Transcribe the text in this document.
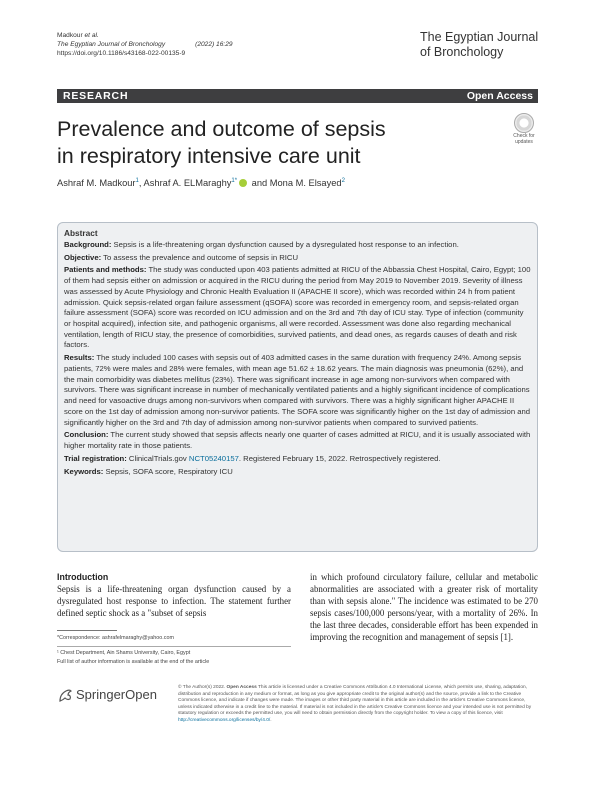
Madkour et al.
The Egyptian Journal of Bronchology	(2022) 16:29
https://doi.org/10.1186/s43168-022-00135-9
The Egyptian Journal
of Bronchology
RESEARCH	Open Access
Prevalence and outcome of sepsis
in respiratory intensive care unit
Check for
updates
Ashraf M. Madkour$^1$, Ashraf A. ELMaraghy$^{1*}$ and Mona M. Elsayed$^2$
Abstract

Background: Sepsis is a life-threatening organ dysfunction caused by a dysregulated host response to an infection.

Objective: To assess the prevalence and outcome of sepsis in RICU

Patients and methods: The study was conducted upon 403 patients admitted at RICU of the Abbassia Chest Hospital, Cairo, Egypt; 100 of them had sepsis either on admission or acquired in the RICU during the period from May 2019 to November 2019. Severity of illness was assessed by Acute Physiology and Chronic Health Evaluation II (APACHE II score), which was recorded within 24 h from patient admission. Quick sepsis-related organ failure assessment (qSOFA) score was recorded in emergency room, and sepsis-related organ failure assessment (SOFA) score was recorded on ICU admission and on the 3rd and 7th day of ICU stay. Type of infection (community or hospital acquired), infection site, and pathogenic organisms, all were recorded. Assessment was done also regarding mechanical ventilation, length of RICU stay, the presence of comorbidities, survived patients, and dead ones, as regards causes of death and risk factors.

Results: The study included 100 cases with sepsis out of 403 admitted cases in the same duration with frequency 24%. Among sepsis patients, 72% were males and 28% were females, with mean age 51.62 ± 18.62 years. The main diagnosis was pneumonia (62%), and the main comorbidity was diabetes mellitus (23%). There was significant increase in age among non-survivors when compared with survivors. There was significant increase in number of mechanically ventilated patients and a highly significant incidence of complications and need for vasoactive drugs among non-survivors when compared with survivors. There was a highly significant higher APACHE II score on the 1st day of admission among non-survivor patients. The SOFA score was significantly higher on the 1st day of admission and significantly higher on the 3rd and 7th day of admission among non-survivor patients when compared to survived patients.

Conclusion: The current study showed that sepsis affects nearly one quarter of cases admitted at RICU, and it is usually associated with higher mortality rate in those patients.

Trial registration: ClinicalTrials.gov NCT05240157. Registered February 15, 2022. Retrospectively registered.

Keywords: Sepsis, SOFA score, Respiratory ICU

Introduction
Sepsis is a life-threatening organ dysfunction caused by a dysregulated host response to infection. The statement further defined septic shock as a "subset of sepsis
in which profound circulatory failure, cellular and metabolic abnormalities are associated with a greater risk of mortality than with sepsis alone." The incidence was estimated to be 270 sepsis cases/100,000 persons/year, with a mortality of 26%. In the last three decades, considerable effort has been expended in improving the recognition and management of sepsis [1].
*Correspondence: ashrafelmaraghy@yahoo.com
¹ Chest Department, Ain Shams University, Cairo, Egypt
Full list of author information is available at the end of the article
SpringerOpen	© The Author(s) 2022. Open Access This article is licensed under a Creative Commons Attribution 4.0 International License, which permits use, sharing, adaptation, distribution and reproduction in any medium or format, as long as you give appropriate credit to the original author(s) and the source, provide a link to the Creative Commons licence, and indicate if changes were made. The images or other third party material in this article are included in the article's Creative Commons licence, unless indicated otherwise in a credit line to the material. If material is not included in the article's Creative Commons licence and your intended use is not permitted by statutory regulation or exceeds the permitted use, you will need to obtain permission directly from the copyright holder. To view a copy of this licence, visit http://creativecommons.org/licenses/by/4.0/.
